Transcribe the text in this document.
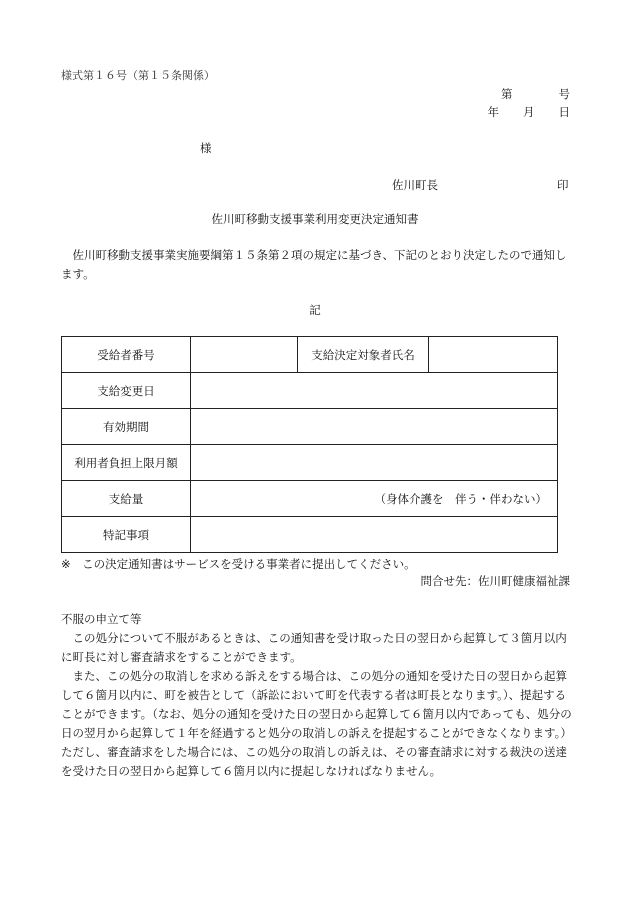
様式第１６号（第１５条関係）
第	号
年 月 日
様
佐川町長	印
佐川町移動支援事業利用変更決定通知書
佐川町移動支援事業実施要綱第１５条第２項の規定に基づき、下記のとおり決定したので通知します。
記
受給者番号		支給決定対象者氏名	
支給変更日			
有効期間			
利用者負担上限月額			
支給量	（身体介護を　伴う・伴わない）		
特記事項			
※　この決定通知書はサービスを受ける事業者に提出してください。
問合せ先：佐川町健康福祉課
不服の申立て等
この処分について不服があるときは、この通知書を受け取った日の翌日から起算して３箇月以内に町長に対し審査請求をすることができます。
また、この処分の取消しを求める訴えをする場合は、この処分の通知を受けた日の翌日から起算して６箇月以内に、町を被告として（訴訟において町を代表する者は町長となります。）、提起することができます。（なお、処分の通知を受けた日の翌日から起算して６箇月以内であっても、処分の日の翌月から起算して１年を経過すると処分の取消しの訴えを提起することができなくなります。）ただし、審査請求をした場合には、この処分の取消しの訴えは、その審査請求に対する裁決の送達を受けた日の翌日から起算して６箇月以内に提起しなければなりません。
